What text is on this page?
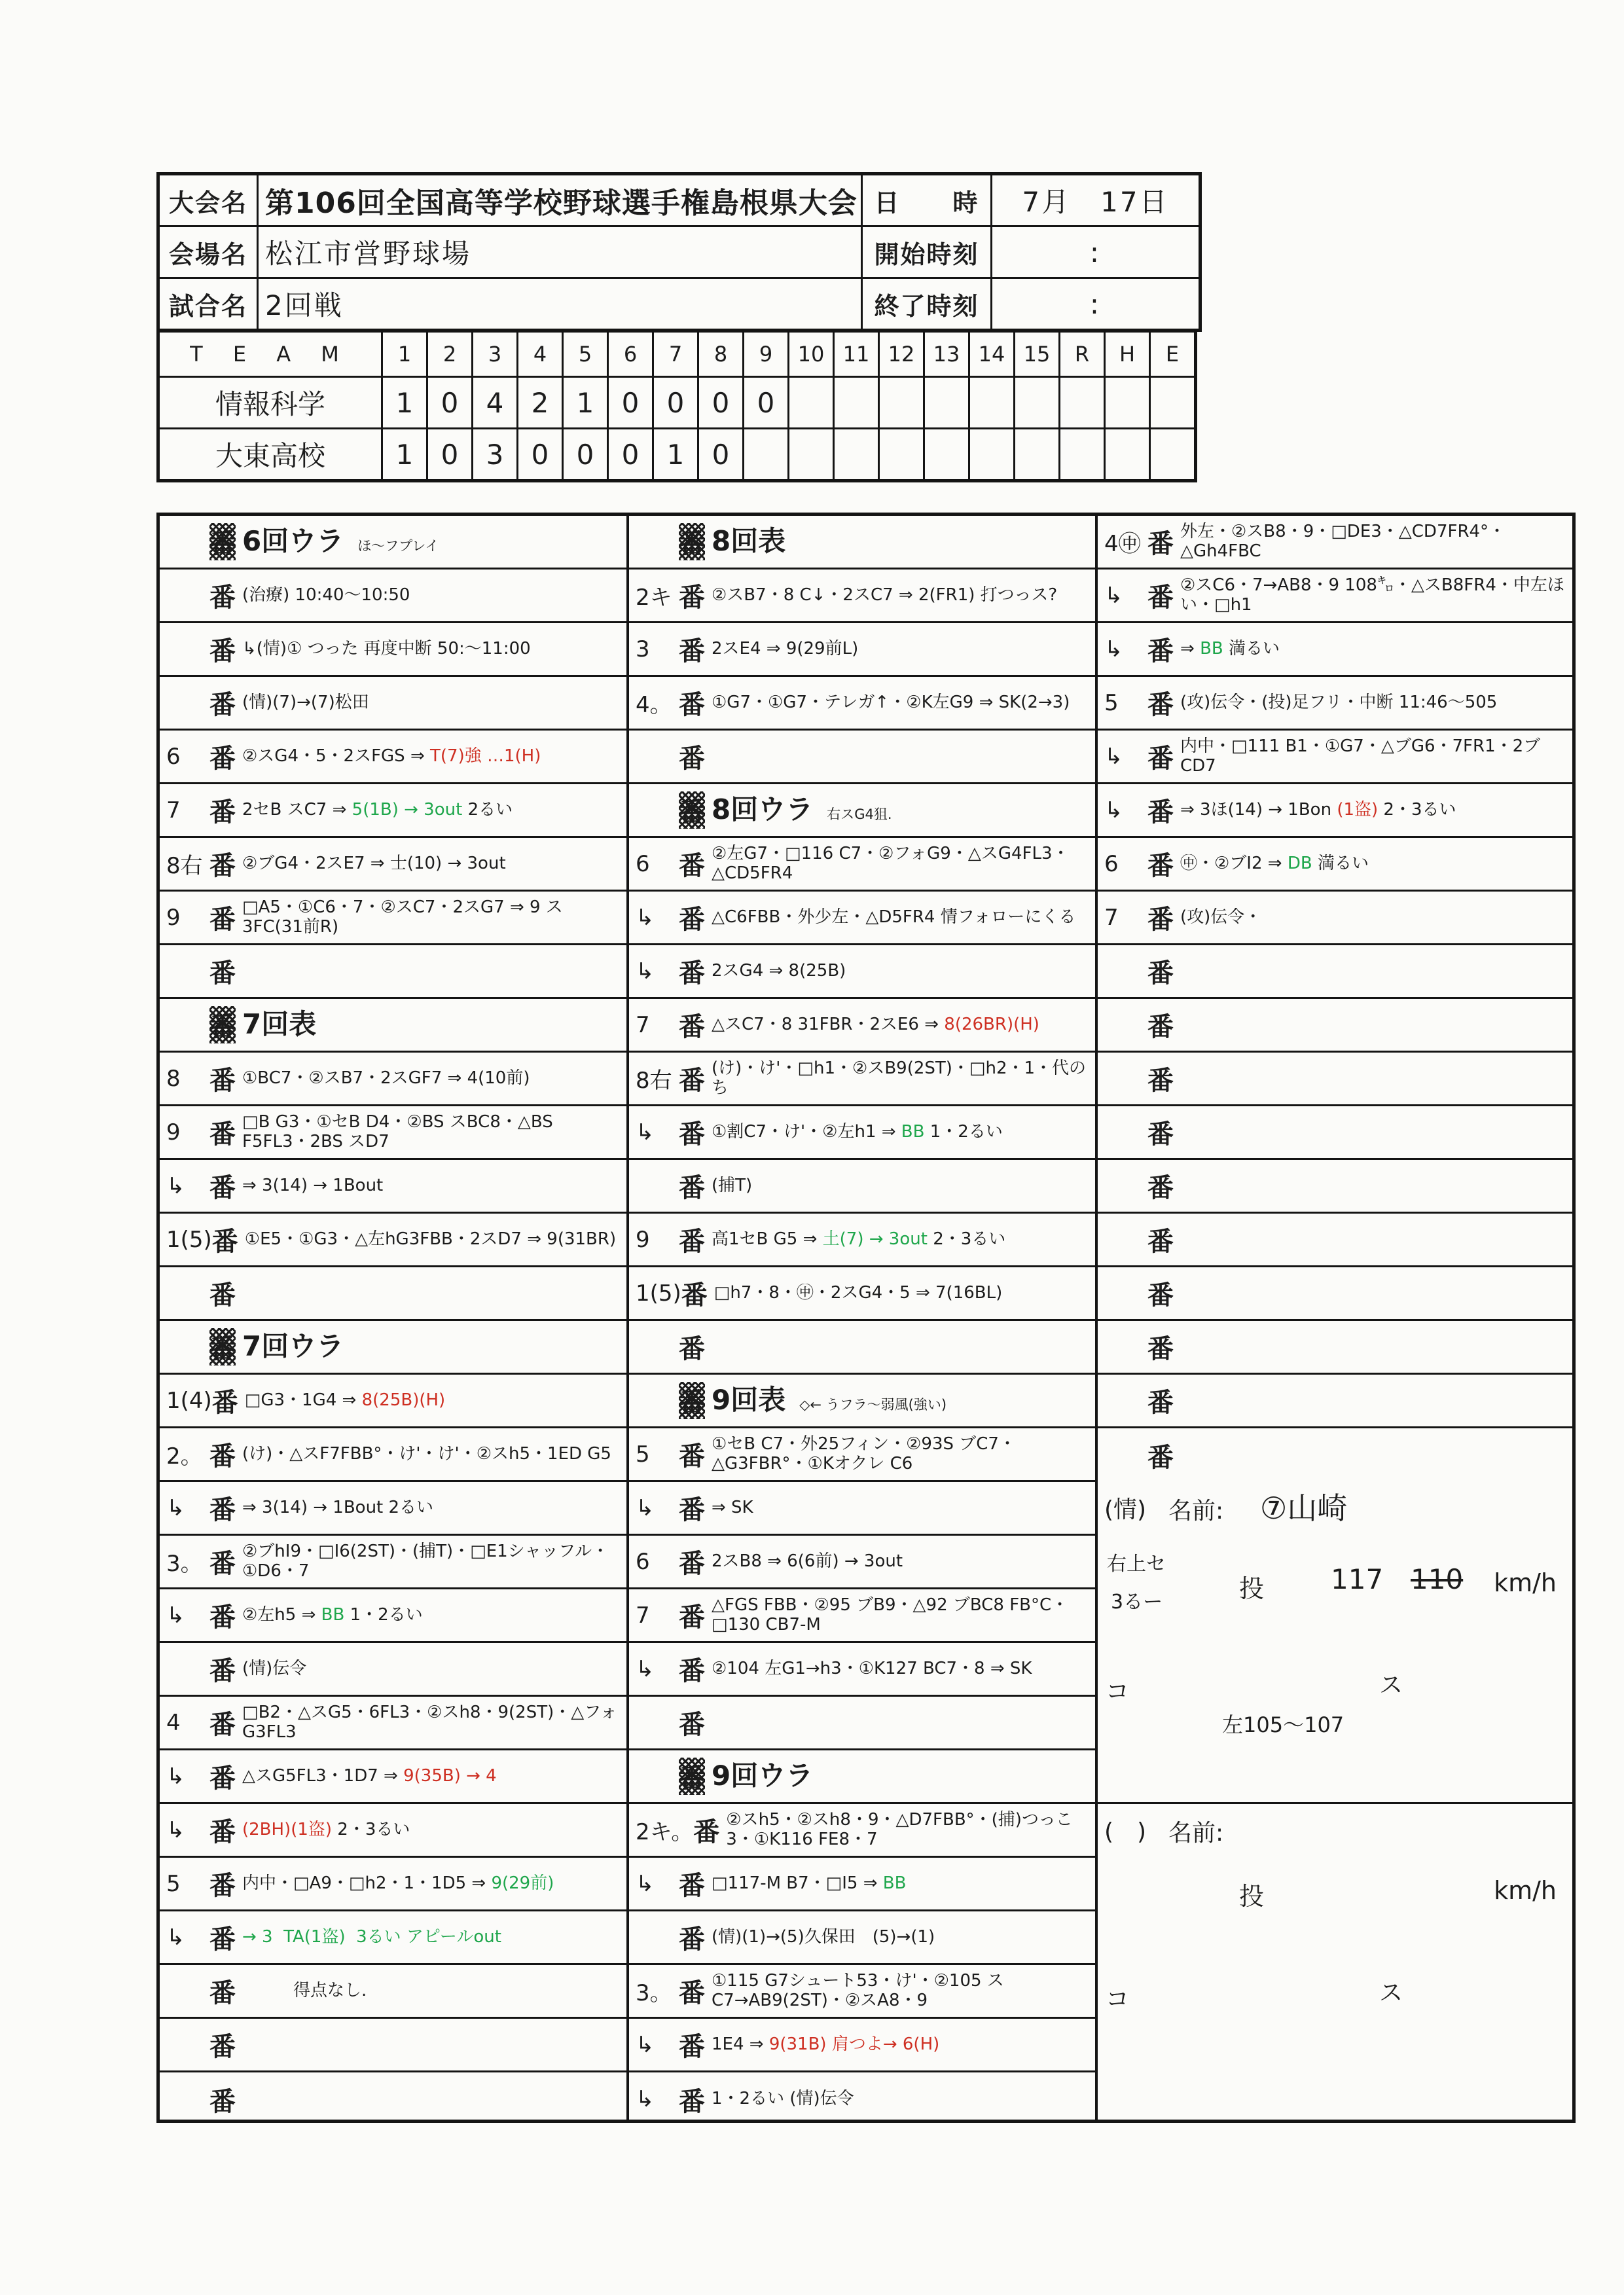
大会名	第106回全国高等学校野球選手権島根県大会	日　　時	7月　17日
会場名	松江市営野球場	開始時刻	:
試合名	2回戦	終了時刻	:
T E A M	1	2	3	4	5	6	7	8	9	10	11	12	13	14	15	R	H	E
情報科学	1	0	4	2	1	0	0	0	0									
大東高校	1	0	3	0	0	0	1	0										
番 6回ウラ　ほ～フプレイ
番 (治療) 10:40～10:50
番 ↳(情)① つった 再度中断 50:～11:00
番 (情)(7)→(7)松田
6	番 ②スG4・5・2スFGS ⇒ T(7)強 …1(H)
7	番 2セB スC7 ⇒ 5(1B) → 3out 2るい
8右 番 ②ブG4・2スE7 ⇒ 士(10) → 3out
9	番 □A5・①C6・7・②スC7・2スG7 ⇒ 9 ス3FC(31前R)
番
番 7回表
8	番 ①BC7・②スB7・2スGF7 ⇒ 4(10前)
9	番 □B G3・①セB D4・②BS スBC8・△BS F5FL3・2BS スD7
↳ 番 ⇒ 3(14) → 1Bout
1(5) 番 ①E5・①G3・△左hG3FBB・2スD7 ⇒ 9(31BR)
番
番 7回ウラ
1(4) 番 □G3・1G4 ⇒ 8(25B)(H)
2。 番 (け)・△スF7FBB°・け'・け'・②スh5・1ED G5
↳ 番 ⇒ 3(14) → 1Bout 2るい
3。 番 ②ブhI9・□I6(2ST)・(捕T)・□E1シャッフル・①D6・7
↳ 番 ②左h5 ⇒ BB 1・2るい
番 (情)伝令
4	番 □B2・△スG5・6FL3・②スh8・9(2ST)・△フォG3FL3
↳ 番 △スG5FL3・1D7 ⇒ 9(35B) → 4
↳ 番 (2BH)(1盗) 2・3るい
5	番 内中・□A9・□h2・1・1D5 ⇒ 9(29前)
↳ 番 → 3  TA(1盗)  3るい アピールout
番 　　　得点なし.
番
番
番 8回表
2キ 番 ②スB7・8 C↓・2スC7 ⇒ 2(FR1) 打つっス?
3	番 2スE4 ⇒ 9(29前L)
4。 番 ①G7・①G7・テレガ↑・②K左G9 ⇒ SK(2→3)
番
番 8回ウラ　右スG4狙.
6	番 ②左G7・□116 C7・②フォG9・△スG4FL3・△CD5FR4
↳ 番 △C6FBB・外少左・△D5FR4 情フォローにくる
↳ 番 2スG4 ⇒ 8(25B)
7	番 △スC7・8 31FBR・2スE6 ⇒ 8(26BR)(H)
8右 番 (け)・け'・□h1・②スB9(2ST)・□h2・1・代のち
↳ 番 ①割C7・け'・②左h1 ⇒ BB 1・2るい
番 (捕T)
9	番 高1セB G5 ⇒ 土(7) → 3out 2・3るい
1(5) 番 □h7・8・㊥・2スG4・5 ⇒ 7(16BL)
番
番 9回表　◇← うフラ～弱風(強い)
5	番 ①セB C7・外25フィン・②93S ブC7・△G3FBR°・①Kオクレ C6
↳ 番 ⇒ SK
6	番 2スB8 ⇒ 6(6前) → 3out
7	番 △FGS FBB・②95 ブB9・△92 ブBC8 FB°C・□130 CB7-M
↳ 番 ②104 左G1→h3・①K127 BC7・8 ⇒ SK
番
番 9回ウラ
2キ。 番 ②スh5・②スh8・9・△D7FBB°・(捕)つっこ3・①K116 FE8・7
↳ 番 □117-M B7・□I5 ⇒ BB
番 (情)(1)→(5)久保田　(5)→(1)
3。 番 ①115 G7シュート53・け'・②105 スC7→AB9(2ST)・②スA8・9
↳ 番 1E4 ⇒ 9(31B) 肩つよ→ 6(H)
↳ 番 1・2るい (情)伝令
4㊥ 番 外左・②スB8・9・□DE3・△CD7FR4°・△Gh4FBC
↳ 番 ②スC6・7→AB8・9 108㌔・△スB8FR4・中左ほい・□h1
↳ 番 ⇒ BB 満るい
5	番 (攻)伝令・(投)足フリ・中断 11:46～505
↳ 番 内中・□111 B1・①G7・△ブG6・7FR1・2ブCD7
↳ 番 ⇒ 3ほ(14) → 1Bon (1盗) 2・3るい
6	番 ㊥・②ブI2 ⇒ DB 満るい
7	番 (攻)伝令・
番
番
番
番
番
番
番
番
番
番
(情) 名前: ⑦山崎
右上セ
3るー	投 117 110 km/h
コ	ス
左105～107
(　) 名前:
投	km/h
コ	ス
